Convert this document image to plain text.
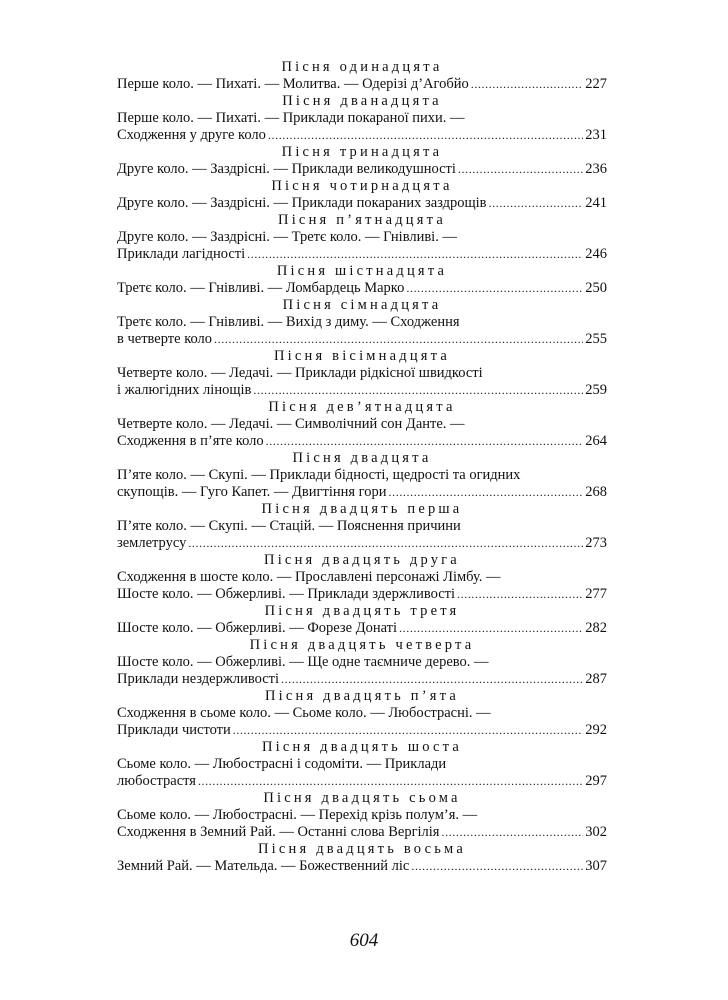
Пісня одинадцята
Перше коло. — Пихаті. — Молитва. — Одерізі д’Агобйо .....	227
Пісня дванадцята
Перше коло. — Пихаті. — Приклади покараної пихи. —
Сходження у друге коло .....	231
Пісня тринадцята
Друге коло. — Заздрісні. — Приклади великодушності .....	236
Пісня чотирнадцята
Друге коло. — Заздрісні. — Приклади покараних заздрощів .....	241
Пісня п’ятнадцята
Друге коло. — Заздрісні. — Третє коло. — Гнівливі. —
Приклади лагідності .....	246
Пісня шістнадцята
Третє коло. — Гнівливі. — Ломбардець Марко .....	250
Пісня сімнадцята
Третє коло. — Гнівливі. — Вихід з диму. — Сходження
в четверте коло .....	255
Пісня вісімнадцята
Четверте коло. — Ледачі. — Приклади рідкісної швидкості
і жалюгідних лінощів .....	259
Пісня дев’ятнадцята
Четверте коло. — Ледачі. — Символічний сон Данте. —
Сходження в п’яте коло .....	264
Пісня двадцята
П’яте коло. — Скупі. — Приклади бідності, щедрості та огидних
скупощів. — Гуго Капет. — Двигтіння гори .....	268
Пісня двадцять перша
П’яте коло. — Скупі. — Стацій. — Пояснення причини
землетрусу .....	273
Пісня двадцять друга
Сходження в шосте коло. — Прославлені персонажі Лімбу. —
Шосте коло. — Обжерливі. — Приклади здержливості .....	277
Пісня двадцять третя
Шосте коло. — Обжерливі. — Форезе Донаті .....	282
Пісня двадцять четверта
Шосте коло. — Обжерливі. — Ще одне таємниче дерево. —
Приклади нездержливості .....	287
Пісня двадцять п’ята
Сходження в сьоме коло. — Сьоме коло. — Любострасні. —
Приклади чистоти .....	292
Пісня двадцять шоста
Сьоме коло. — Любострасні і содоміти. — Приклади
любострастя .....	297
Пісня двадцять сьома
Сьоме коло. — Любострасні. — Перехід крізь полум’я. —
Сходження в Земний Рай. — Останні слова Вергілія .....	302
Пісня двадцять восьма
Земний Рай. — Мательда. — Божественний ліс .....	307
604
